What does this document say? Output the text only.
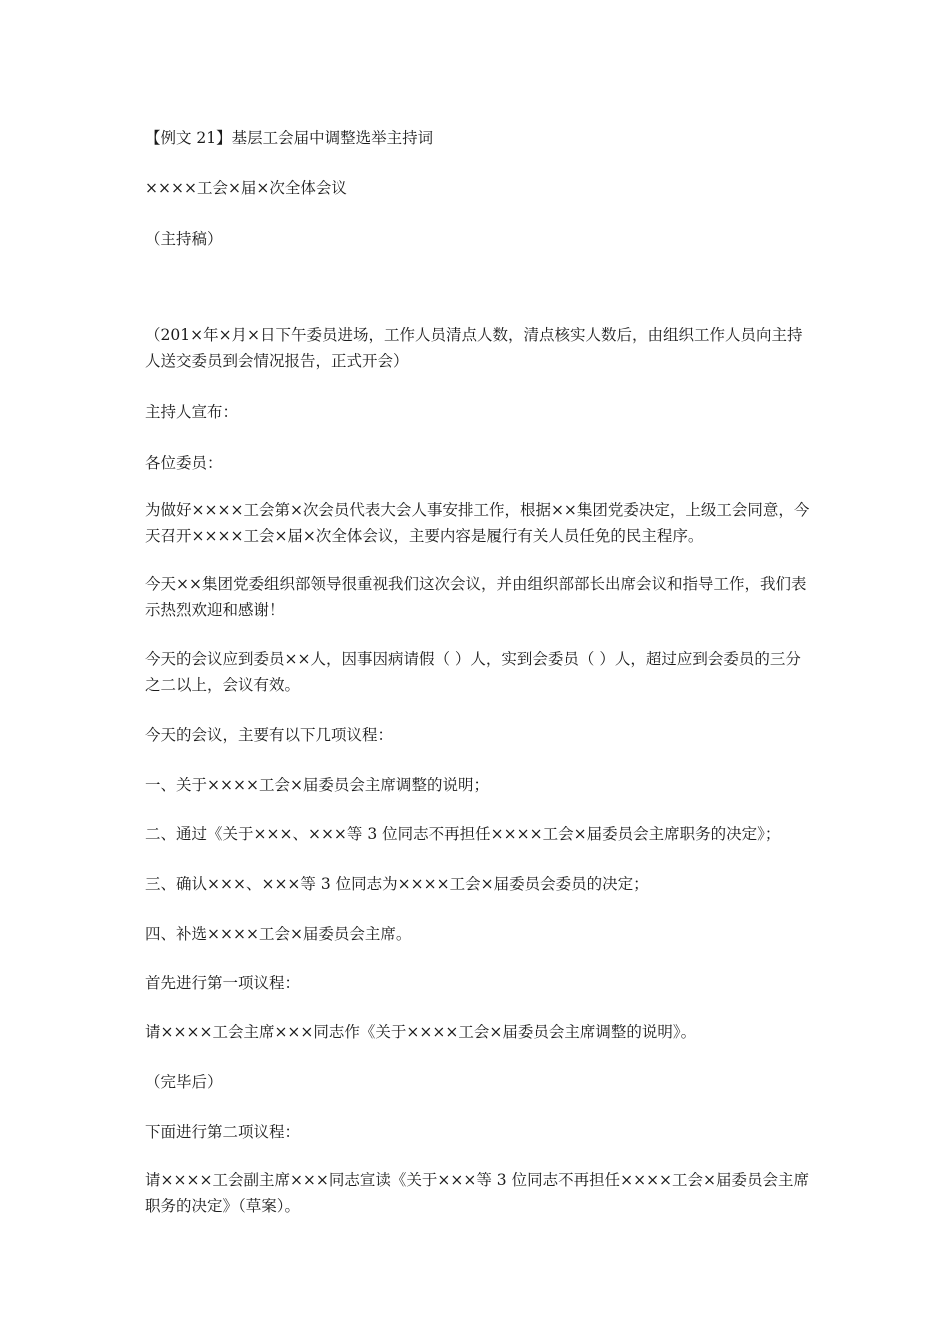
【例文 21】基层工会届中调整选举主持词

××××工会×届×次全体会议

（主持稿）

（201×年×月×日下午委员进场，工作人员清点人数，清点核实人数后，由组织工作人员向主持人送交委员到会情况报告，正式开会）

主持人宣布：

各位委员：

为做好××××工会第×次会员代表大会人事安排工作，根据××集团党委决定，上级工会同意，今天召开××××工会×届×次全体会议，主要内容是履行有关人员任免的民主程序。

今天××集团党委组织部领导很重视我们这次会议，并由组织部部长出席会议和指导工作，我们表示热烈欢迎和感谢！

今天的会议应到委员××人，因事因病请假（ ）人，实到会委员（ ）人，超过应到会委员的三分之二以上，会议有效。

今天的会议，主要有以下几项议程：

一、关于××××工会×届委员会主席调整的说明；

二、通过《关于×××、×××等 3 位同志不再担任××××工会×届委员会主席职务的决定》；

三、确认×××、×××等 3 位同志为××××工会×届委员会委员的决定；

四、补选××××工会×届委员会主席。

首先进行第一项议程：

请××××工会主席×××同志作《关于××××工会×届委员会主席调整的说明》。

（完毕后）

下面进行第二项议程：

请××××工会副主席×××同志宣读《关于×××等 3 位同志不再担任××××工会×届委员会主席职务的决定》（草案）。
